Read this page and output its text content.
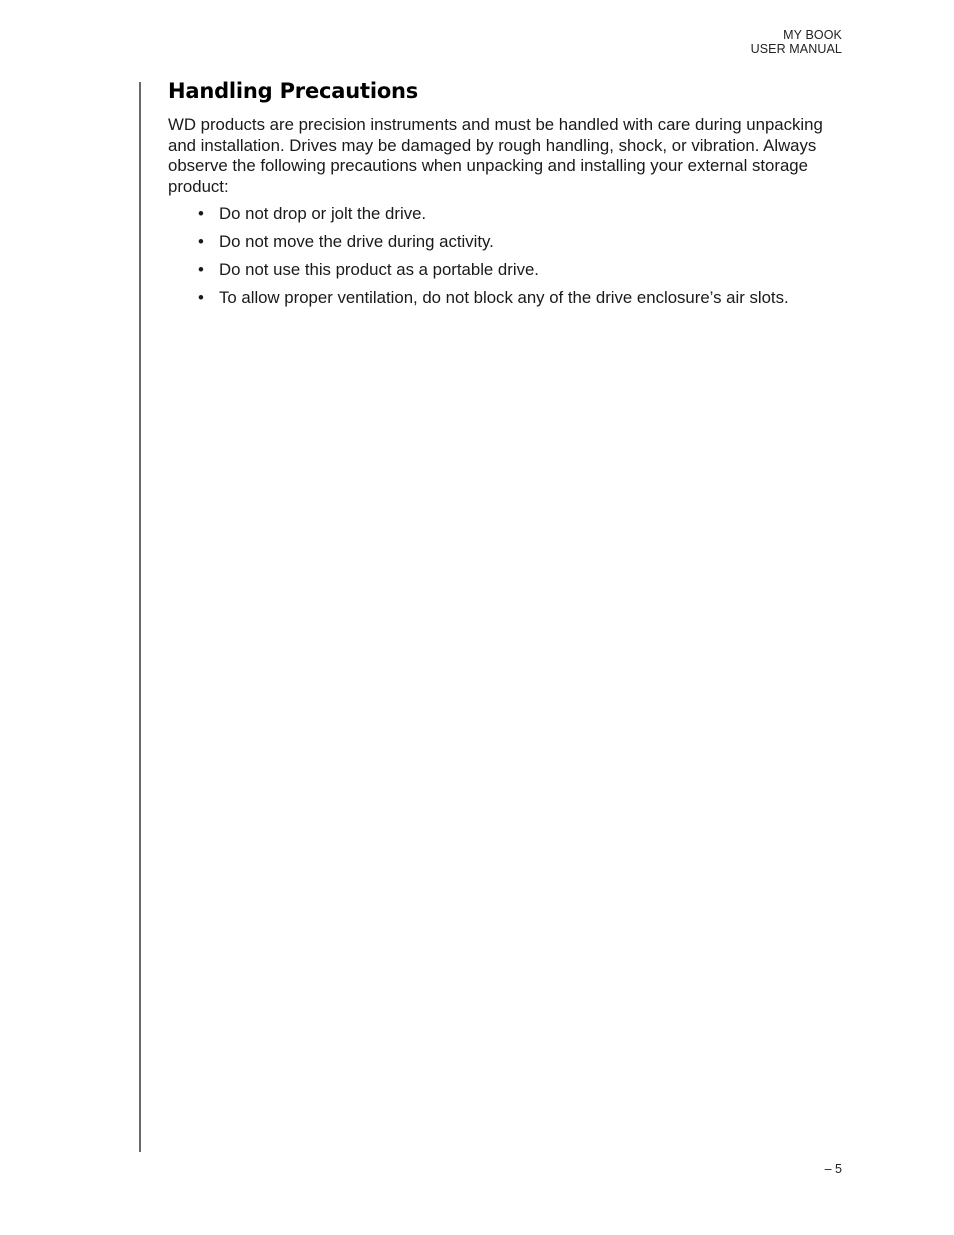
MY BOOK
USER MANUAL
Handling Precautions

WD products are precision instruments and must be handled with care during unpacking and installation. Drives may be damaged by rough handling, shock, or vibration. Always observe the following precautions when unpacking and installing your external storage product:

• Do not drop or jolt the drive.
• Do not move the drive during activity.
• Do not use this product as a portable drive.
• To allow proper ventilation, do not block any of the drive enclosure’s air slots.
– 5
